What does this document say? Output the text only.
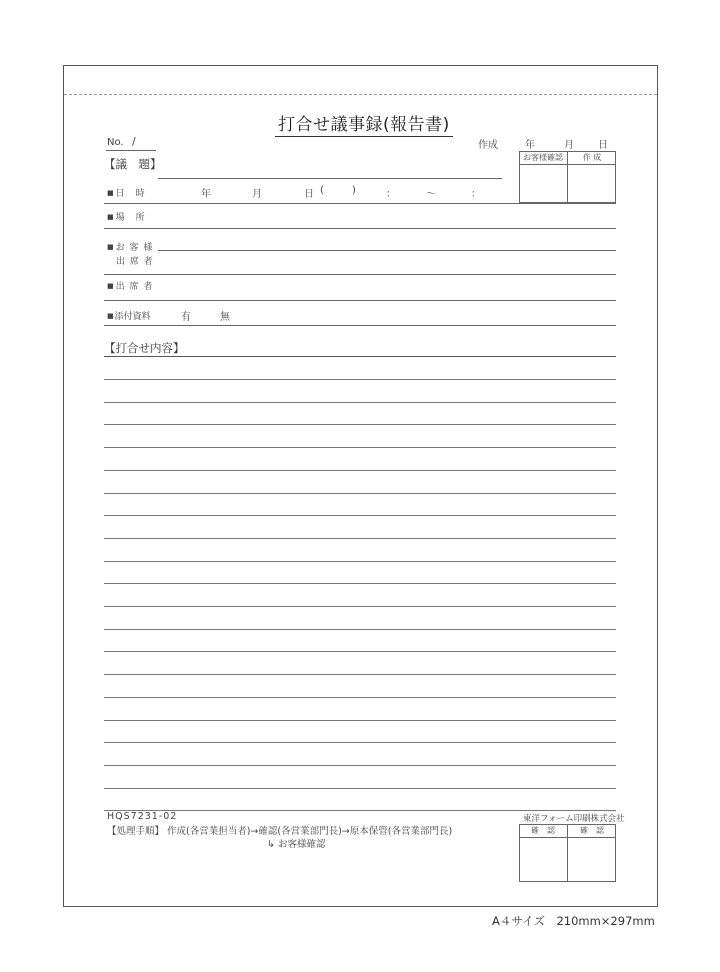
打合せ議事録(報告書)
No. /	作成	年	月 日
お客様確認	作 成
【議　題】
■ 日　時	年	月	日 (	)	：	〜	：
■ 場　所
■ お 客 様
出 席 者
■ 出 席 者
■ 添付資料	有	無
【打合せ内容】
HQS7231-02
【処理手順】 作成(各営業担当者)→確認(各営業部門長)→原本保管(各営業部門長)
↳ お客様確認
東洋フォーム印刷株式会社
確　認	確　認
A４サイズ　210mm×297mm
